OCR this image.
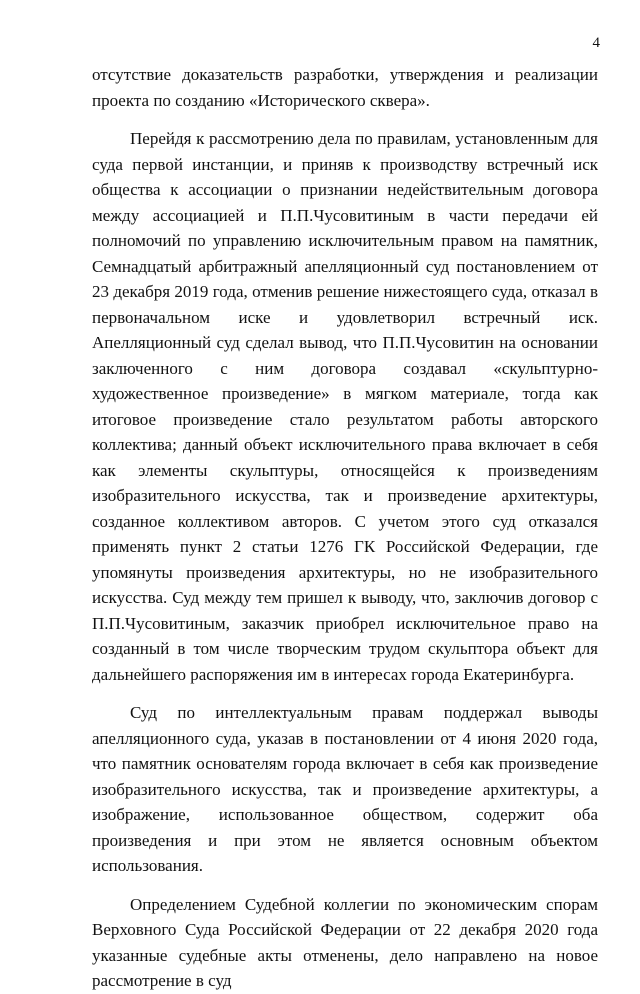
4

отсутствие доказательств разработки, утверждения и реализации проекта по созданию «Исторического сквера».

Перейдя к рассмотрению дела по правилам, установленным для суда первой инстанции, и приняв к производству встречный иск общества к ассоциации о признании недействительным договора между ассоциацией и П.П.Чусовитиным в части передачи ей полномочий по управлению исключительным правом на памятник, Семнадцатый арбитражный апелляционный суд постановлением от 23 декабря 2019 года, отменив решение нижестоящего суда, отказал в первоначальном иске и удовлетворил встречный иск. Апелляционный суд сделал вывод, что П.П.Чусовитин на основании заключенного с ним договора создавал «скульптурно-художественное произведение» в мягком материале, тогда как итоговое произведение стало результатом работы авторского коллектива; данный объект исключительного права включает в себя как элементы скульптуры, относящейся к произведениям изобразительного искусства, так и произведение архитектуры, созданное коллективом авторов. С учетом этого суд отказался применять пункт 2 статьи 1276 ГК Российской Федерации, где упомянуты произведения архитектуры, но не изобразительного искусства. Суд между тем пришел к выводу, что, заключив договор с П.П.Чусовитиным, заказчик приобрел исключительное право на созданный в том числе творческим трудом скульптора объект для дальнейшего распоряжения им в интересах города Екатеринбурга.

Суд по интеллектуальным правам поддержал выводы апелляционного суда, указав в постановлении от 4 июня 2020 года, что памятник основателям города включает в себя как произведение изобразительного искусства, так и произведение архитектуры, а изображение, использованное обществом, содержит оба произведения и при этом не является основным объектом использования.

Определением Судебной коллегии по экономическим спорам Верховного Суда Российской Федерации от 22 декабря 2020 года указанные судебные акты отменены, дело направлено на новое рассмотрение в суд
